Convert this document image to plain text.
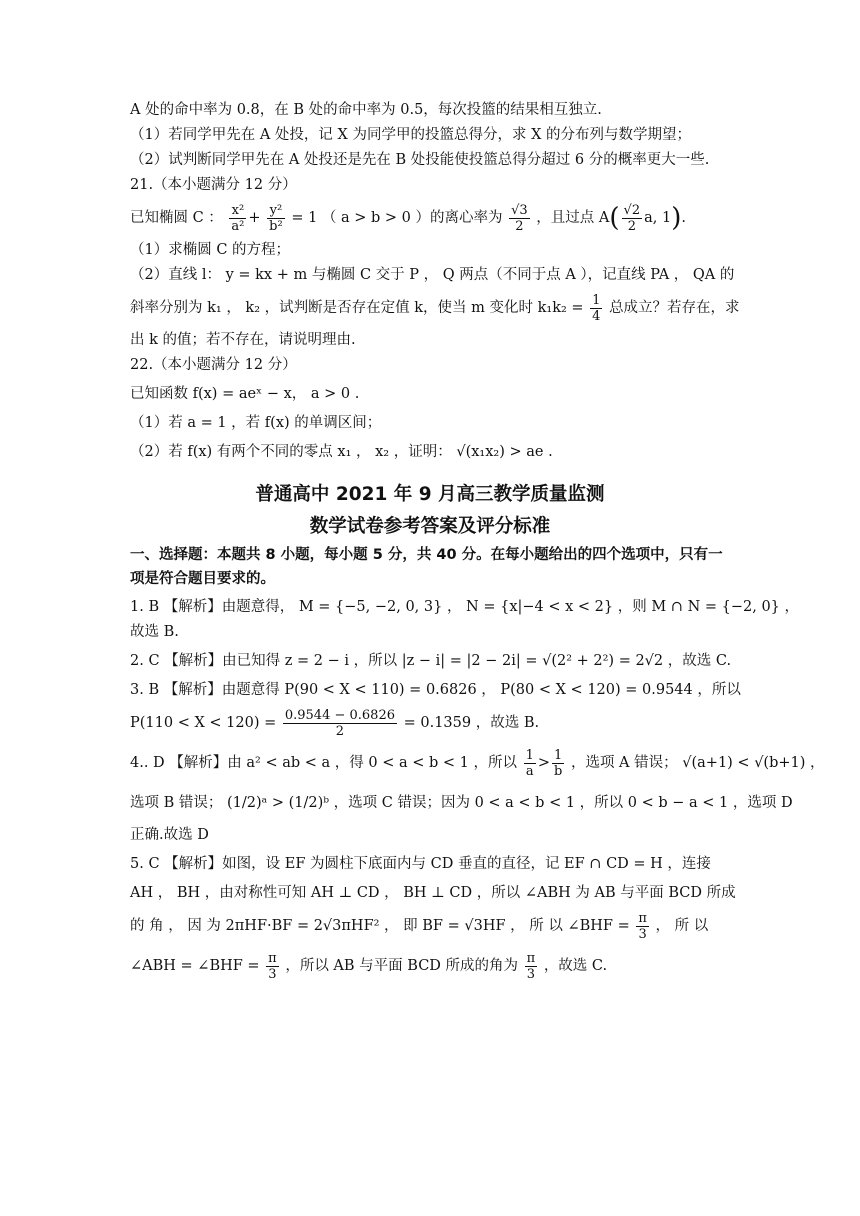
A 处的命中率为 0.8，在 B 处的命中率为 0.5，每次投篮的结果相互独立.
（1）若同学甲先在 A 处投，记 X 为同学甲的投篮总得分，求 X 的分布列与数学期望；
（2）试判断同学甲先在 A 处投还是先在 B 处投能使投篮总得分超过 6 分的概率更大一些.
21.（本小题满分 12 分）
已知椭圆 C ： $\frac{\text{x²}}{\text{a²}} + \frac{\text{y²}}{\text{b²}} = 1$ （ a > b > 0 ）的离心率为 $\frac{√3}{2}$ ，且过点 $A( \frac{√2}{2} a$, 1).
（1）求椭圆 C 的方程；
（2）直线 l： y = kx + m 与椭圆 C 交于 P ， Q 两点（不同于点 A ），记直线 PA ， QA 的
斜率分别为 k₁ ， k₂ ，试判断是否存在定值 k，使当 m 变化时 $k_1k_2 = \frac{1}{4}$ 总成立？若存在，求
出 k 的值；若不存在，请说明理由.
22.（本小题满分 12 分）
已知函数 f(x) = aeˣ − x， a > 0 .
（1）若 a = 1 ，若 f(x) 的单调区间；
（2）若 f(x) 有两个不同的零点 x₁ ， x₂ ，证明： √(x₁x₂) > ae .
普通高中 2021 年 9 月高三教学质量监测
数学试卷参考答案及评分标准
一、选择题：本题共 8 小题，每小题 5 分，共 40 分。在每小题给出的四个选项中，只有一
项是符合题目要求的。
1. B 【解析】由题意得， M = {−5, −2, 0, 3} ， N = {x|−4 < x < 2} ，则 M ∩ N = {−2, 0} ，
故选 B.
2. C 【解析】由已知得 z = 2 − i ，所以 |z − i| = |2 − 2i| = √(2² + 2²) = 2√2 ，故选 C.
3. B 【解析】由题意得 P(90 < X < 110) = 0.6826 ， P(80 < X < 120) = 0.9544 ，所以
$P(110 < X < 120) = \frac{0.9544 - 0.6826}{2} = 0.1359$ ，故选 B.
4.. D 【解析】由 a² < ab < a ，得 0 < a < b < 1 ，所以 $\frac{1}{a} > \frac{1}{b}$ ，选项 A 错误； √(a+1) < √(b+1) ，
选项 B 错误； (1/2)ᵃ > (1/2)ᵇ ，选项 C 错误；因为 0 < a < b < 1 ，所以 0 < b − a < 1 ，选项 D
正确.故选 D
5. C 【解析】如图，设 EF 为圆柱下底面内与 CD 垂直的直径，记 EF ∩ CD = H ，连接
AH ， BH ，由对称性可知 AH ⊥ CD ， BH ⊥ CD ，所以 ∠ABH 为 AB 与平面 BCD 所成
的 角 ， 因 为 2πHF·BF = 2√3πHF² ， 即 BF = √3HF ， 所 以 ∠BHF = $\frac{\pi}{3}$ ， 所 以
∠ABH = ∠BHF = $\frac{\pi}{3}$ ，所以 AB 与平面 BCD 所成的角为 $\frac{\pi}{3}$ ，故选 C.
